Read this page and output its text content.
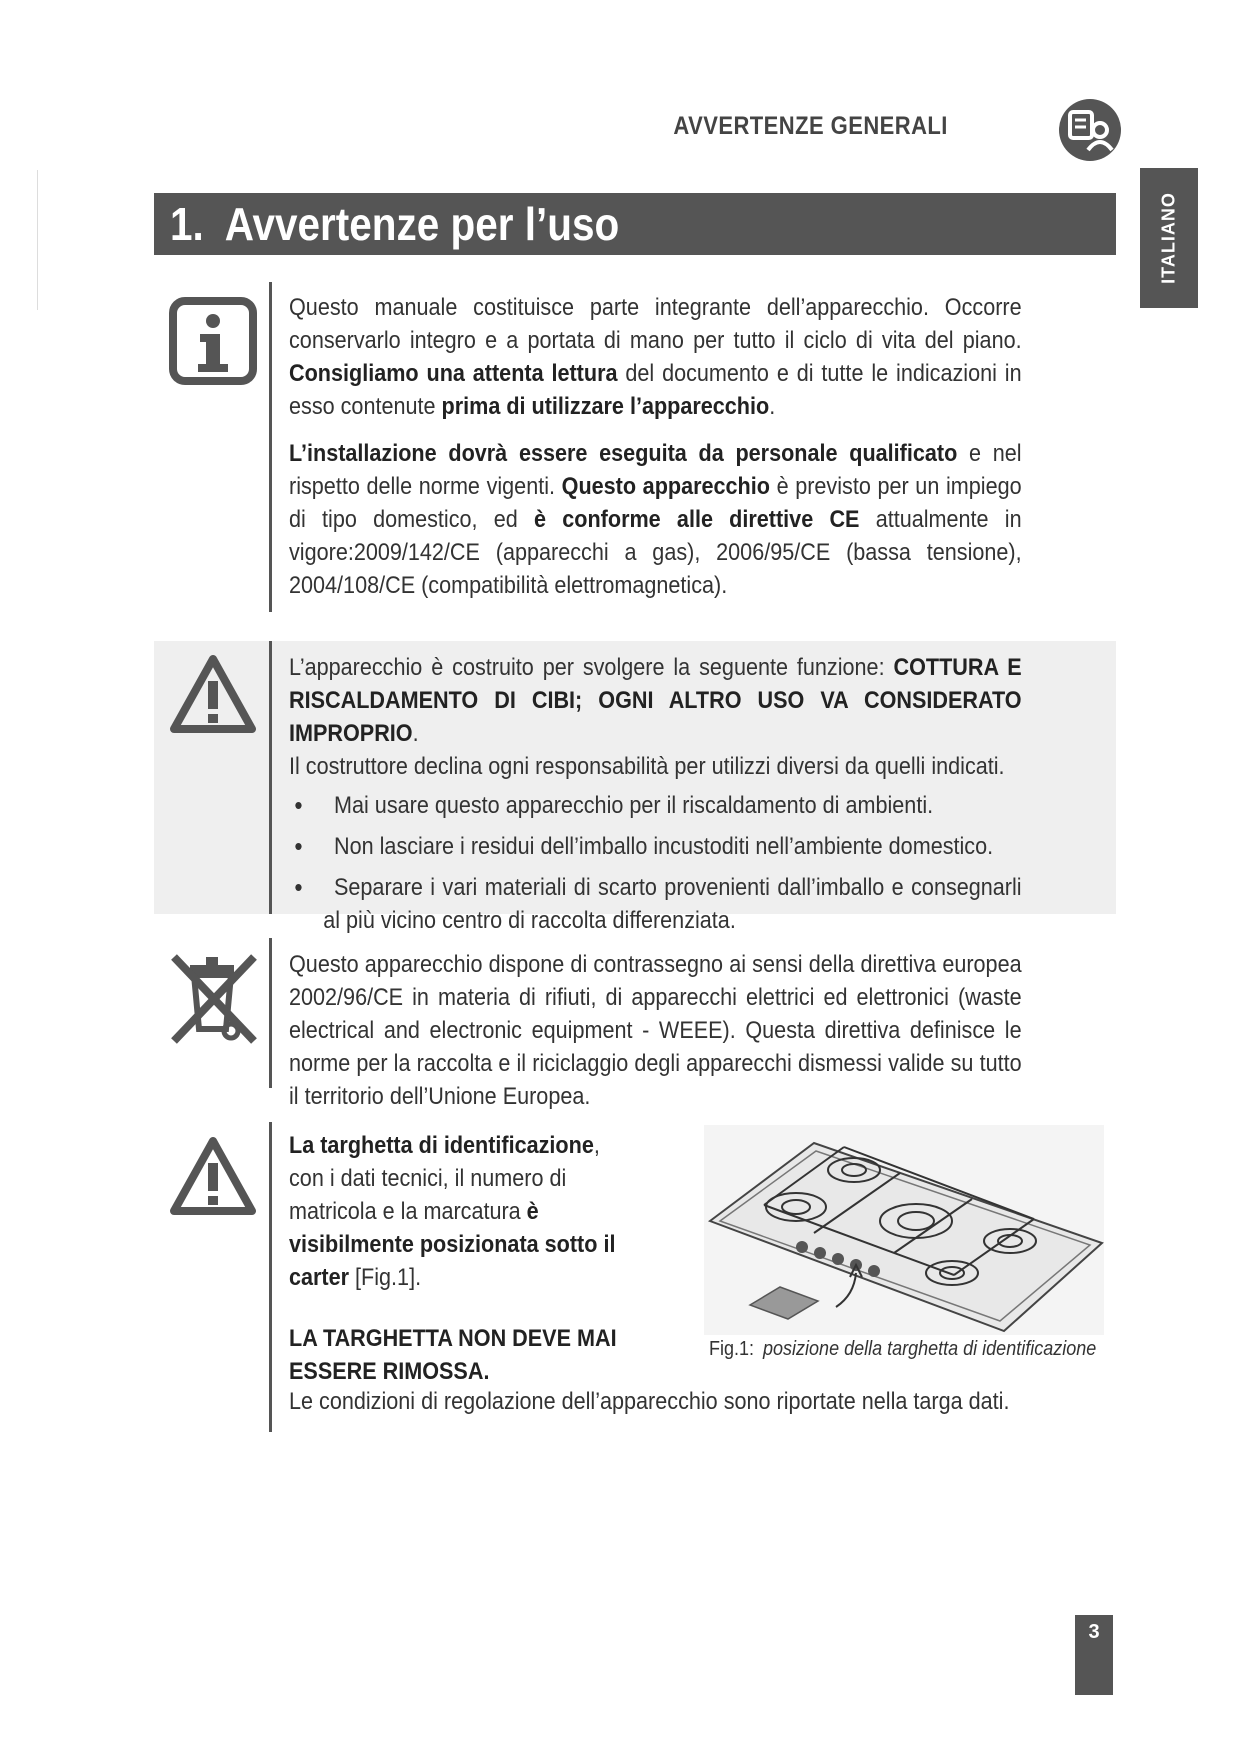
AVVERTENZE GENERALI
ITALIANO
1. Avvertenze per l’uso

Questo manuale costituisce parte integrante dell’apparecchio. Occorre conservarlo integro e a portata di mano per tutto il ciclo di vita del piano. Consigliamo una attenta lettura del documento e di tutte le indicazioni in esso contenute prima di utilizzare l’apparecchio.

L’installazione dovrà essere eseguita da personale qualificato e nel rispetto delle norme vigenti. Questo apparecchio è previsto per un impiego di tipo domestico, ed è conforme alle direttive CE attualmente in vigore:2009/142/CE (apparecchi a gas), 2006/95/CE (bassa tensione), 2004/108/CE (compatibilità elettromagnetica).

L’apparecchio è costruito per svolgere la seguente funzione: COTTURA E RISCALDAMENTO DI CIBI; OGNI ALTRO USO VA CONSIDERATO IMPROPRIO.

Il costruttore declina ogni responsabilità per utilizzi diversi da quelli indicati.

• Mai usare questo apparecchio per il riscaldamento di ambienti.
• Non lasciare i residui dell’imballo incustoditi nell’ambiente domestico.
• Separare i vari materiali di scarto provenienti dall’imballo e consegnarli al più vicino centro di raccolta differenziata.

Questo apparecchio dispone di contrassegno ai sensi della direttiva europea 2002/96/CE in materia di rifiuti, di apparecchi elettrici ed elettronici (waste electrical and electronic equipment - WEEE). Questa direttiva definisce le norme per la raccolta e il riciclaggio degli apparecchi dismessi valide su tutto il territorio dell’Unione Europea.

La targhetta di identificazione, con i dati tecnici, il numero di matricola e la marcatura è visibilmente posizionata sotto il carter [Fig.1].

LA TARGHETTA NON DEVE MAI ESSERE RIMOSSA.

Fig.1: posizione della targhetta di identificazione
Le condizioni di regolazione dell’apparecchio sono riportate nella targa dati.
3
